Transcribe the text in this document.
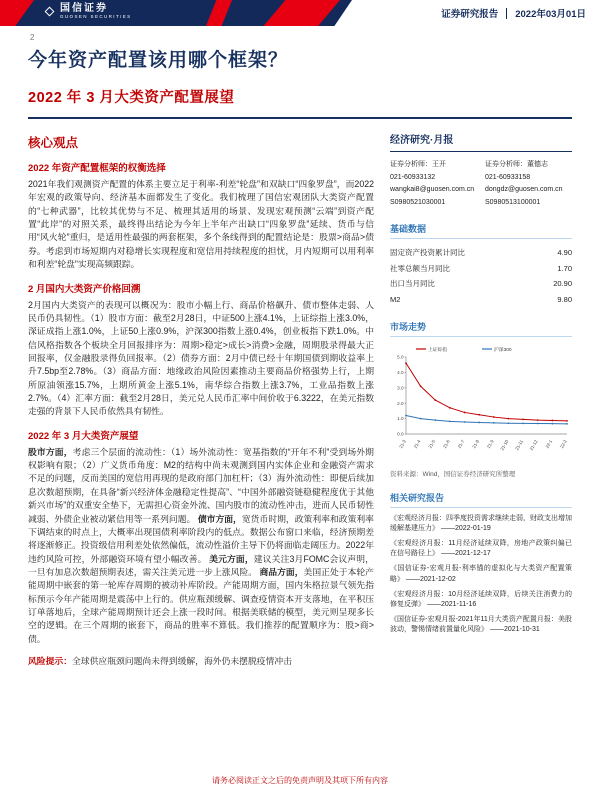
国信证券
GUOSEN SECURITIES	证券研究报告 2022年03月01日
2
今年资产配置该用哪个框架？
2022 年 3 月大类资产配置展望
核心观点
2022 年资产配置框架的权衡选择

2021年我们观测资产配置的体系主要立足于利率-利差“轮盘”和双缺口“四象罗盘”，而2022年宏观的政策导向、经济基本面都发生了变化。我们梳理了国信宏观团队大类资产配置的“七种武器”，比较其优势与不足、梳理其适用的场景、发现宏观预测“云端”到资产配置“此岸”的对照关系，最终得出结论为今年上半年产出缺口“四象罗盘”延续、货币与信用“风火轮”重归，是适用性最强的两套框架，多个条线得到的配置结论是：股票>商品>债券。考虑到市场短期内对稳增长实现程度和宽信用持续程度的担忧，月内短期可以用利率和利差“轮盘”实现高频跟踪。

2 月国内大类资产价格回溯

2月国内大类资产的表现可以概况为：股市小幅上行、商品价格飙升、债市整体走弱、人民币仍具韧性。（1）股市方面：截至2月28日，中证500上涨4.1%，上证综指上涨3.0%，深证成指上涨1.0%，上证50上涨0.9%，沪深300指数上涨0.4%，创业板指下跌1.0%。中信风格指数各个板块全月回报排序为：周期>稳定>成长>消费>金融，周期股录得最大正回报率，仅金融股录得负回报率。（2）债券方面：2月中债已经十年期国债到期收益率上升7.5bp至2.78%。（3）商品方面：地缘政治风险因素推动主要商品价格强势上行，上期所原油领涨15.7%，上期所黄金上涨5.1%，南华综合指数上涨3.7%，工业品指数上涨2.7%。（4）汇率方面：截至2月28日，美元兑人民币汇率中间价收于6.3222，在美元指数走强的背景下人民币依然具有韧性。

2022 年 3 月大类资产展望

股市方面，考虑三个层面的流动性：（1）场外流动性：宽基指数的“开年不利”受到场外期权影响有限；（2）广义货币角度：M2的结构中尚未观测到国内实体企业和金融资产需求不足的问题，反而美国的宽信用再现的是政府部门加杠杆；（3）海外流动性：即便后续加息次数超预期，在具备“新兴经济体金融稳定性提高”、“中国外部融资链稳健程度优于其他新兴市场”的双重安全垫下，无需担心资金外流、国内股市的流动性冲击，进而人民币韧性减弱、外债企业被动紧信用等一系列问题。 债市方面，宽货币时期，政策利率和政策利率下调结束的时点上，大概率出现国债利率阶段内的低点。数据公布窗口来临，经济预期差将逐渐修正。投资级信用利差处依然偏低，流动性溢价主导下仍将面临走阔压力。2022年违约风险可控，外部融资环境有望小幅改善。 美元方面，建议关注3月FOMC会议声明，一旦有加息次数超预期表述，需关注美元进一步上涨风险。 商品方面，美国正处于本轮产能周期中嵌套的第一轮库存周期的被动补库阶段。产能周期方面，国内朱格拉景气领先指标预示今年产能周期是震荡中上行的。供应瓶颈缓解、调查疫情资本开支落地，在平积压订单落地后，全球产能周期预计还会上涨一段时间。根据美联储的模型，美元则呈现多长空的逻辑。在三个周期的嵌套下，商品的胜率不算低。我们推荐的配置顺序为：股>商>债。

风险提示：全球供应瓶颈问题尚未得到缓解，海外仍未摆脱疫情冲击
经济研究·月报
证券分析师：王开
021-60933132
wangkai8@guosen.com.cn
S0980521030001
证券分析师：董德志
021-60933158
dongdz@guosen.com.cn
S0980513100001
基础数据
固定资产投资累计同比	4.90
社零总额当月同比	1.70
出口当月同比	20.90
M2	9.80
市场走势
0.0
1.0
2.0
3.0
4.0
5.0
21-3 21-4 21-5 21-6 21-7 21-8 21-9 21-10 21-11 21-12 22-1 22-2
上证综指	沪深300
资料来源：Wind，国信证券经济研究所整理
相关研究报告
《宏观经济月报：四季度投资需求继续走弱，财政支出增加缓解基建压力》 ——2022-01-19
《宏观经济月报：11月经济延续双降，房地产政策纠偏已在信号路径上》 ——2021-12-17
《国信证券-宏观月报-利率锚的虚拟化与大类资产配置策略》 ——2021-12-02
《宏观经济月报：10月经济延续双降，后续关注消费力的修复反弹》 ——2021-11-16
《国信证券-宏观月报-2021年11月大类资产配置月报：美股波动，警惕情绪前置量化风险》 ——2021-10-31
请务必阅读正文之后的免责声明及其项下所有内容
